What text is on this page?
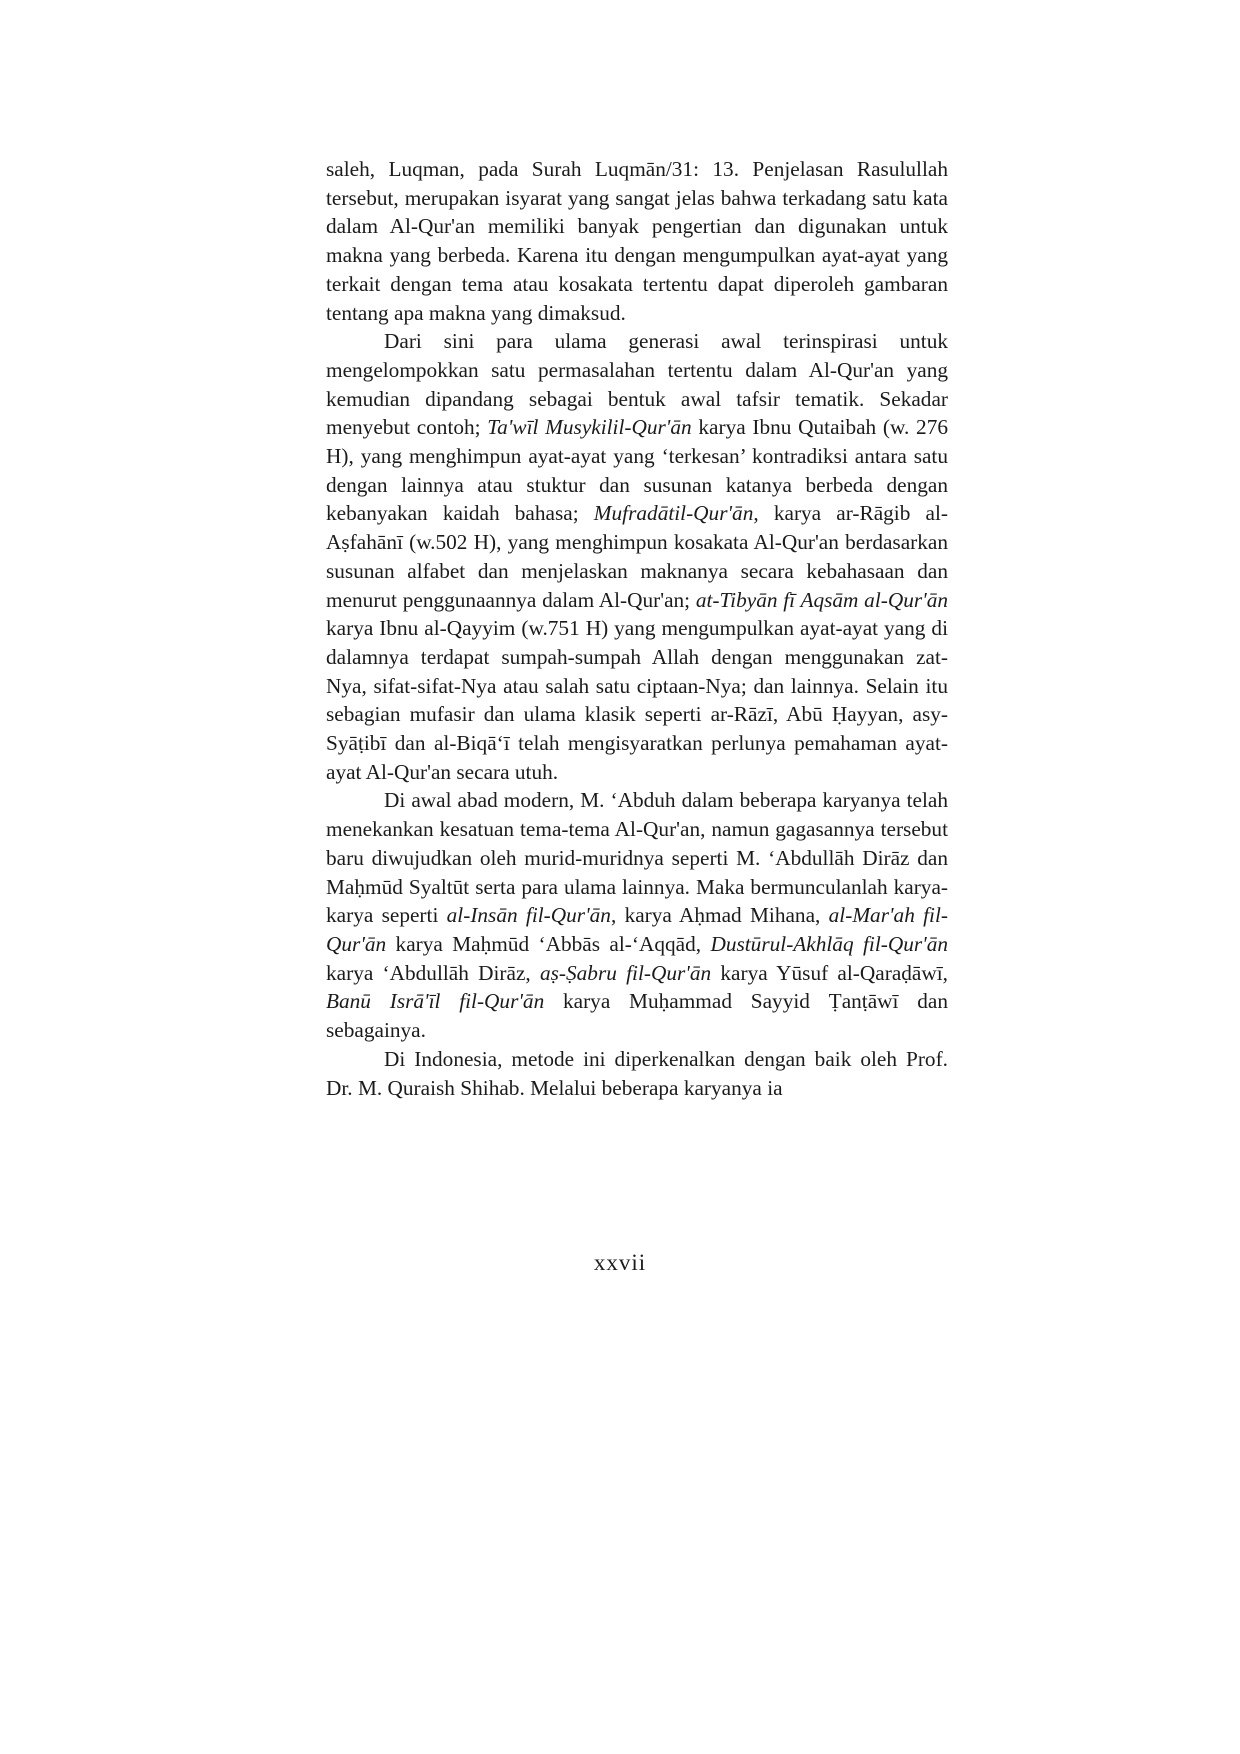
saleh, Luqman, pada Surah Luqmān/31: 13. Penjelasan Rasulullah tersebut, merupakan isyarat yang sangat jelas bahwa terkadang satu kata dalam Al-Qur'an memiliki banyak pengertian dan digunakan untuk makna yang berbeda. Karena itu dengan mengumpulkan ayat-ayat yang terkait dengan tema atau kosakata tertentu dapat diperoleh gambaran tentang apa makna yang dimaksud.

Dari sini para ulama generasi awal terinspirasi untuk mengelompokkan satu permasalahan tertentu dalam Al-Qur'an yang kemudian dipandang sebagai bentuk awal tafsir tematik. Sekadar menyebut contoh; Ta'wīl Musykilil-Qur'ān karya Ibnu Qutaibah (w. 276 H), yang menghimpun ayat-ayat yang ‘terkesan’ kontradiksi antara satu dengan lainnya atau stuktur dan susunan katanya berbeda dengan kebanyakan kaidah bahasa; Mufradātil-Qur'ān, karya ar-Rāgib al-Aṣfahānī (w.502 H), yang menghimpun kosakata Al-Qur'an berdasarkan susunan alfabet dan menjelaskan maknanya secara kebahasaan dan menurut penggunaannya dalam Al-Qur'an; at-Tibyān fī Aqsām al-Qur'ān karya Ibnu al-Qayyim (w.751 H) yang mengumpulkan ayat-ayat yang di dalamnya terdapat sumpah-sumpah Allah dengan menggunakan zat-Nya, sifat-sifat-Nya atau salah satu ciptaan-Nya; dan lainnya. Selain itu sebagian mufasir dan ulama klasik seperti ar-Rāzī, Abū Ḥayyan, asy-Syāṭibī dan al-Biqā‘ī telah mengisyaratkan perlunya pemahaman ayat-ayat Al-Qur'an secara utuh.

Di awal abad modern, M. ‘Abduh dalam beberapa karyanya telah menekankan kesatuan tema-tema Al-Qur'an, namun gagasannya tersebut baru diwujudkan oleh murid-muridnya seperti M. ‘Abdullāh Dirāz dan Maḥmūd Syaltūt serta para ulama lainnya. Maka bermunculanlah karya-karya seperti al-Insān fil-Qur'ān, karya Aḥmad Mihana, al-Mar'ah fil-Qur'ān karya Maḥmūd ‘Abbās al-‘Aqqād, Dustūrul-Akhlāq fil-Qur'ān karya ‘Abdullāh Dirāz, aṣ-Ṣabru fil-Qur'ān karya Yūsuf al-Qaraḍāwī, Banū Isrā'īl fil-Qur'ān karya Muḥammad Sayyid Ṭanṭāwī dan sebagainya.

Di Indonesia, metode ini diperkenalkan dengan baik oleh Prof. Dr. M. Quraish Shihab. Melalui beberapa karyanya ia

xxvii
